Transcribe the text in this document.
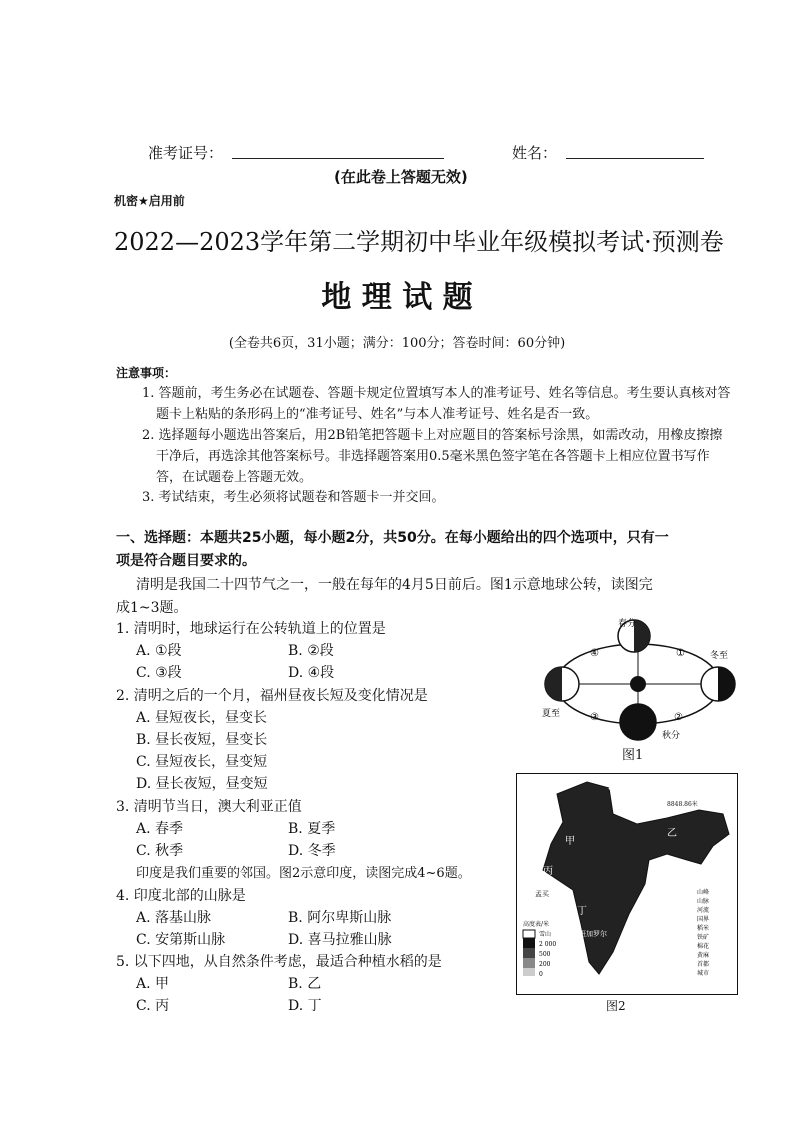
准考证号：	姓名：
(在此卷上答题无效)
机密★启用前
2022—2023学年第二学期初中毕业年级模拟考试·预测卷
地 理 试 题
(全卷共6页，31小题；满分：100分；答卷时间：60分钟)
注意事项：
1. 答题前，考生务必在试题卷、答题卡规定位置填写本人的准考证号、姓名等信息。考生要认真核对答
题卡上粘贴的条形码上的“准考证号、姓名”与本人准考证号、姓名是否一致。
2. 选择题每小题选出答案后，用2B铅笔把答题卡上对应题目的答案标号涂黑，如需改动，用橡皮擦擦
干净后，再选涂其他答案标号。非选择题答案用0.5毫米黑色签字笔在各答题卡上相应位置书写作
答，在试题卷上答题无效。
3. 考试结束，考生必须将试题卷和答题卡一并交回。
一、选择题：本题共25小题，每小题2分，共50分。在每小题给出的四个选项中，只有一
项是符合题目要求的。
清明是我国二十四节气之一，一般在每年的4月5日前后。图1示意地球公转，读图完
成1~3题。
1. 清明时，地球运行在公转轨道上的位置是
A. ①段	B. ②段
C. ③段	D. ④段
2. 清明之后的一个月，福州昼夜长短及变化情况是
A. 昼短夜长，昼变长
B. 昼长夜短，昼变长
C. 昼短夜长，昼变短
D. 昼长夜短，昼变短
3. 清明节当日，澳大利亚正值
A. 春季	B. 夏季
C. 秋季	D. 冬季
印度是我们重要的邻国。图2示意印度，读图完成4~6题。
4. 印度北部的山脉是
A. 落基山脉	B. 阿尔卑斯山脉
C. 安第斯山脉	D. 喜马拉雅山脉
5. 以下四地，从自然条件考虑，最适合种植水稻的是
A. 甲	B. 乙
C. 丙	D. 丁
春分
冬至
夏至
秋分
①
②
③
④
图1
甲
乙
丙
丁
加尔各答
孟买
班加罗尔
8848.86米
高度表/米
雪山
2 000
500
200
0
山峰
山脉
河流
国界
稻米
铁矿
棉花
黄麻
首都
城市
图2
